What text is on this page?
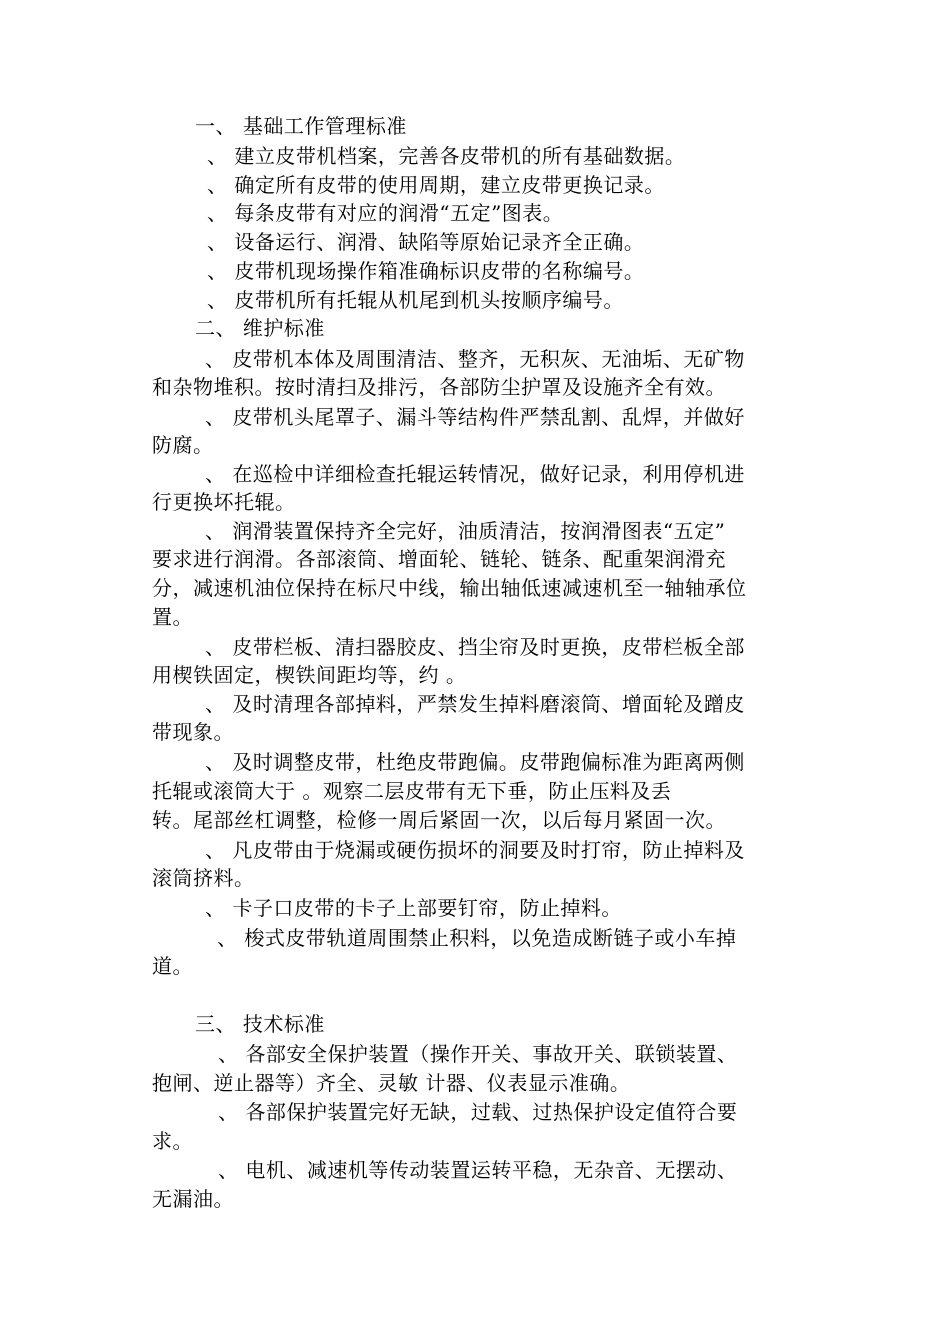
一、 基础工作管理标准
、 建立皮带机档案，完善各皮带机的所有基础数据。
、 确定所有皮带的使用周期，建立皮带更换记录。
、 每条皮带有对应的润滑“五定”图表。
、 设备运行、润滑、缺陷等原始记录齐全正确。
、 皮带机现场操作箱准确标识皮带的名称编号。
、 皮带机所有托辊从机尾到机头按顺序编号。
二、 维护标准
、 皮带机本体及周围清洁、整齐，无积灰、无油垢、无矿物
和杂物堆积。按时清扫及排污，各部防尘护罩及设施齐全有效。
、 皮带机头尾罩子、漏斗等结构件严禁乱割、乱焊，并做好
防腐。
、 在巡检中详细检查托辊运转情况，做好记录，利用停机进
行更换坏托辊。
、 润滑装置保持齐全完好，油质清洁，按润滑图表“五定”
要求进行润滑。各部滚筒、增面轮、链轮、链条、配重架润滑充
分，减速机油位保持在标尺中线，输出轴低速减速机至一轴轴承位
置。
、 皮带栏板、清扫器胶皮、挡尘帘及时更换，皮带栏板全部
用楔铁固定，楔铁间距均等，约 。
、 及时清理各部掉料，严禁发生掉料磨滚筒、增面轮及蹭皮
带现象。
、 及时调整皮带，杜绝皮带跑偏。皮带跑偏标准为距离两侧
托辊或滚筒大于 。观察二层皮带有无下垂，防止压料及丢
转。尾部丝杠调整，检修一周后紧固一次，以后每月紧固一次。
、 凡皮带由于烧漏或硬伤损坏的洞要及时打帘，防止掉料及
滚筒挤料。
、 卡子口皮带的卡子上部要钉帘，防止掉料。
、 梭式皮带轨道周围禁止积料，以免造成断链子或小车掉
道。
三、 技术标准
、 各部安全保护装置（操作开关、事故开关、联锁装置、
抱闸、逆止器等）齐全、灵敏 计器、仪表显示准确。
、 各部保护装置完好无缺，过载、过热保护设定值符合要
求。
、 电机、减速机等传动装置运转平稳，无杂音、无摆动、
无漏油。
